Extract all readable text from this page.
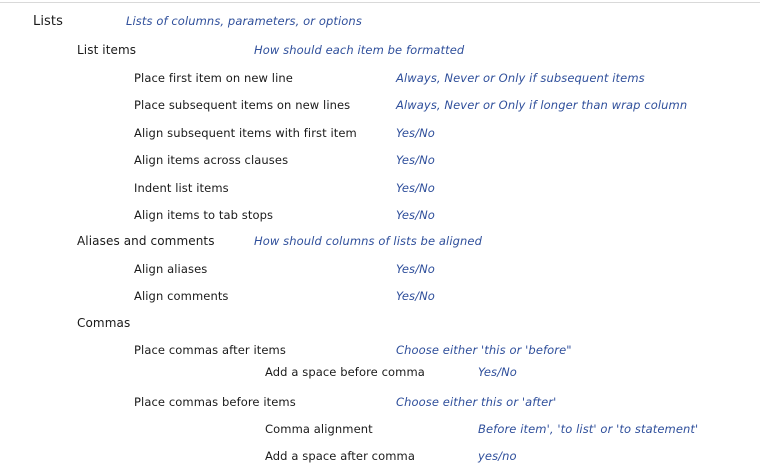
Lists	Lists of columns, parameters, or options
List items	How should each item be formatted
Place first item on new line	Always, Never or Only if subsequent items
Place subsequent items on new lines	Always, Never or Only if longer than wrap column
Align subsequent items with first item	Yes/No
Align items across clauses	Yes/No
Indent list items	Yes/No
Align items to tab stops	Yes/No
Aliases and comments	How should columns of lists be aligned
Align aliases	Yes/No
Align comments	Yes/No
Commas
Place commas after items	Choose either 'this or 'before"
Add a space before comma	Yes/No
Place commas before items	Choose either this or 'after'
Comma alignment	Before item', 'to list' or 'to statement'
Add a space after comma	yes/no
